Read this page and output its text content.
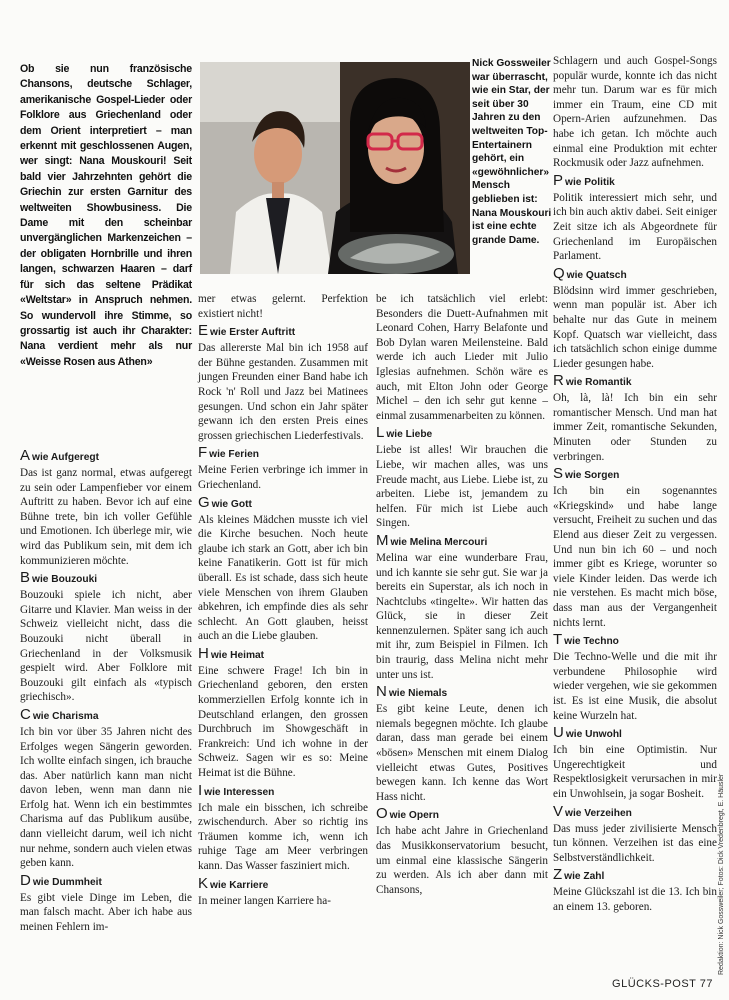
Ob sie nun französische Chansons, deutsche Schlager, amerikanische Gospel-Lieder oder Folklore aus Griechenland oder dem Orient interpretiert – man erkennt mit geschlossenen Augen, wer singt: Nana Mouskouri! Seit bald vier Jahrzehnten gehört die Griechin zur ersten Garnitur des weltweiten Showbusiness. Die Dame mit den scheinbar unvergänglichen Markenzeichen – der obligaten Hornbrille und ihren langen, schwarzen Haaren – darf für sich das seltene Prädikat «Weltstar» in Anspruch nehmen. So wundervoll ihre Stimme, so grossartig ist auch ihr Charakter: Nana verdient mehr als nur «Weisse Rosen aus Athen»
Nick Gossweiler war überrascht, wie ein Star, der seit über 30 Jahren zu den weltweiten Top-Entertainern gehört, ein «gewöhnlicher» Mensch geblieben ist: Nana Mouskouri ist eine echte grande Dame.
A wie Aufgeregt

Das ist ganz normal, etwas aufgeregt zu sein oder Lampenfieber vor einem Auftritt zu haben. Bevor ich auf eine Bühne trete, bin ich voller Gefühle und Emotionen. Ich überlege mir, wie wird das Publikum sein, mit dem ich kommunizieren möchte.

B wie Bouzouki

Bouzouki spiele ich nicht, aber Gitarre und Klavier. Man weiss in der Schweiz vielleicht nicht, dass die Bouzouki nicht überall in Griechenland in der Volksmusik gespielt wird. Aber Folklore mit Bouzouki gilt einfach als «typisch griechisch».

C wie Charisma

Ich bin vor über 35 Jahren nicht des Erfolges wegen Sängerin geworden. Ich wollte einfach singen, ich brauche das. Aber natürlich kann man nicht davon leben, wenn man dann nie Erfolg hat. Wenn ich ein bestimmtes Charisma auf das Publikum ausübe, dann vielleicht darum, weil ich nicht nur nehme, sondern auch vielen etwas geben kann.

D wie Dummheit

Es gibt viele Dinge im Leben, die man falsch macht. Aber ich habe aus meinen Fehlern im-

mer etwas gelernt. Perfektion existiert nicht!

E wie Erster Auftritt

Das allererste Mal bin ich 1958 auf der Bühne gestanden. Zusammen mit jungen Freunden einer Band habe ich Rock 'n' Roll und Jazz bei Matinees gesungen. Und schon ein Jahr später gewann ich den ersten Preis eines grossen griechischen Liederfestivals.

F wie Ferien

Meine Ferien verbringe ich immer in Griechenland.

G wie Gott

Als kleines Mädchen musste ich viel die Kirche besuchen. Noch heute glaube ich stark an Gott, aber ich bin keine Fanatikerin. Gott ist für mich überall. Es ist schade, dass sich heute viele Menschen von ihrem Glauben abkehren, ich empfinde dies als sehr schlecht. An Gott glauben, heisst auch an die Liebe glauben.

H wie Heimat

Eine schwere Frage! Ich bin in Griechenland geboren, den ersten kommerziellen Erfolg konnte ich in Deutschland erlangen, den grossen Durchbruch im Showgeschäft in Frankreich: Und ich wohne in der Schweiz. Sagen wir es so: Meine Heimat ist die Bühne.

I wie Interessen

Ich male ein bisschen, ich schreibe zwischendurch. Aber so richtig ins Träumen komme ich, wenn ich ruhige Tage am Meer verbringen kann. Das Wasser fasziniert mich.

K wie Karriere

In meiner langen Karriere ha-

be ich tatsächlich viel erlebt: Besonders die Duett-Aufnahmen mit Leonard Cohen, Harry Belafonte und Bob Dylan waren Meilensteine. Bald werde ich auch Lieder mit Julio Iglesias aufnehmen. Schön wäre es auch, mit Elton John oder George Michel – den ich sehr gut kenne – einmal zusammenarbeiten zu können.

L wie Liebe

Liebe ist alles! Wir brauchen die Liebe, wir machen alles, was uns Freude macht, aus Liebe. Liebe ist, zu arbeiten. Liebe ist, jemandem zu helfen. Für mich ist Liebe auch Singen.

M wie Melina Mercouri

Melina war eine wunderbare Frau, und ich kannte sie sehr gut. Sie war ja bereits ein Superstar, als ich noch in Nachtclubs «tingelte». Wir hatten das Glück, sie in dieser Zeit kennenzulernen. Später sang ich auch mit ihr, zum Beispiel in Filmen. Ich bin traurig, dass Melina nicht mehr unter uns ist.

N wie Niemals

Es gibt keine Leute, denen ich niemals begegnen möchte. Ich glaube daran, dass man gerade bei einem «bösen» Menschen mit einem Dialog vielleicht etwas Gutes, Positives bewegen kann. Ich kenne das Wort Hass nicht.

O wie Opern

Ich habe acht Jahre in Griechenland das Musikkonservatorium besucht, um einmal eine klassische Sängerin zu werden. Als ich aber dann mit Chansons,

Schlagern und auch Gospel-Songs populär wurde, konnte ich das nicht mehr tun. Darum war es für mich immer ein Traum, eine CD mit Opern-Arien aufzunehmen. Das habe ich getan. Ich möchte auch einmal eine Produktion mit echter Rockmusik oder Jazz aufnehmen.

P wie Politik

Politik interessiert mich sehr, und ich bin auch aktiv dabei. Seit einiger Zeit sitze ich als Abgeordnete für Griechenland im Europäischen Parlament.

Q wie Quatsch

Blödsinn wird immer geschrieben, wenn man populär ist. Aber ich behalte nur das Gute in meinem Kopf. Quatsch war vielleicht, dass ich tatsächlich schon einige dumme Lieder gesungen habe.

R wie Romantik

Oh, là, là! Ich bin ein sehr romantischer Mensch. Und man hat immer Zeit, romantische Sekunden, Minuten oder Stunden zu verbringen.

S wie Sorgen

Ich bin ein sogenanntes «Kriegskind» und habe lange versucht, Freiheit zu suchen und das Elend aus dieser Zeit zu vergessen. Und nun bin ich 60 – und noch immer gibt es Kriege, worunter so viele Kinder leiden. Das werde ich nie verstehen. Es macht mich böse, dass man aus der Vergangenheit nichts lernt.

T wie Techno

Die Techno-Welle und die mit ihr verbundene Philosophie wird wieder vergehen, wie sie gekommen ist. Es ist eine Musik, die absolut keine Wurzeln hat.

U wie Unwohl

Ich bin eine Optimistin. Nur Ungerechtigkeit und Respektlosigkeit verursachen in mir ein Unwohlsein, ja sogar Bosheit.

V wie Verzeihen

Das muss jeder zivilisierte Mensch tun können. Verzeihen ist das eine Selbstverständlichkeit.

Z wie Zahl

Meine Glückszahl ist die 13. Ich bin an einem 13. geboren.	Redaktion: Nick Gossweiler; Fotos: Dick Vredenbregt, E. Häusler
GLÜCKS-POST 77
